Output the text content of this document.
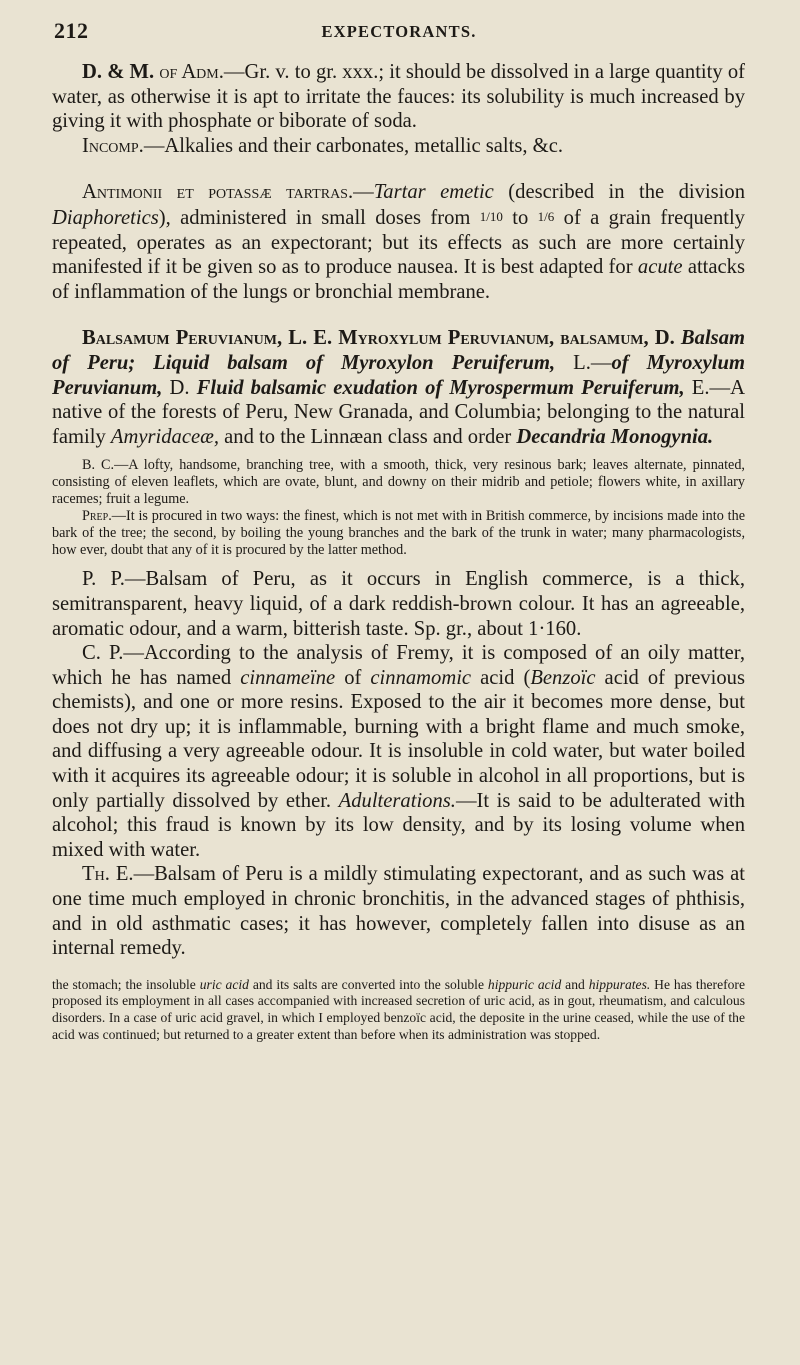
212	EXPECTORANTS.

D. & M. of Adm.—Gr. v. to gr. xxx.; it should be dissolved in a large quantity of water, as otherwise it is apt to irritate the fauces: its solubility is much increased by giving it with phosphate or biborate of soda.

Incomp.—Alkalies and their carbonates, metallic salts, &c.

Antimonii et potassæ tartras.—Tartar emetic (described in the division Diaphoretics), administered in small doses from 1/10 to 1/6 of a grain frequently repeated, operates as an expectorant; but its effects as such are more certainly manifested if it be given so as to produce nausea. It is best adapted for acute attacks of inflammation of the lungs or bronchial membrane.

Balsamum Peruvianum, L. E. Myroxylum Peruvianum, balsamum, D. Balsam of Peru; Liquid balsam of Myroxylon Peruiferum, L.—of Myroxylum Peruvianum, D. Fluid balsamic exudation of Myrospermum Peruiferum, E.—A native of the forests of Peru, New Granada, and Columbia; belonging to the natural family Amyridaceæ, and to the Linnæan class and order Decandria Monogynia.

B. C.—A lofty, handsome, branching tree, with a smooth, thick, very resinous bark; leaves alternate, pinnated, consisting of eleven leaflets, which are ovate, blunt, and downy on their midrib and petiole; flowers white, in axillary racemes; fruit a legume.

Prep.—It is procured in two ways: the finest, which is not met with in British commerce, by incisions made into the bark of the tree; the second, by boiling the young branches and the bark of the trunk in water; many pharmacologists, how ever, doubt that any of it is procured by the latter method.

P. P.—Balsam of Peru, as it occurs in English commerce, is a thick, semitransparent, heavy liquid, of a dark reddish-brown colour. It has an agreeable, aromatic odour, and a warm, bitterish taste. Sp. gr., about 1·160.

C. P.—According to the analysis of Fremy, it is composed of an oily matter, which he has named cinnameïne of cinnamomic acid (Benzoïc acid of previous chemists), and one or more resins. Exposed to the air it becomes more dense, but does not dry up; it is inflammable, burning with a bright flame and much smoke, and diffusing a very agreeable odour. It is insoluble in cold water, but water boiled with it acquires its agreeable odour; it is soluble in alcohol in all proportions, but is only partially dissolved by ether. Adulterations.—It is said to be adulterated with alcohol; this fraud is known by its low density, and by its losing volume when mixed with water.

Th. E.—Balsam of Peru is a mildly stimulating expectorant, and as such was at one time much employed in chronic bronchitis, in the advanced stages of phthisis, and in old asthmatic cases; it has however, completely fallen into disuse as an internal remedy.

the stomach; the insoluble uric acid and its salts are converted into the soluble hippuric acid and hippurates. He has therefore proposed its employment in all cases accompanied with increased secretion of uric acid, as in gout, rheumatism, and calculous disorders. In a case of uric acid gravel, in which I employed benzoïc acid, the deposite in the urine ceased, while the use of the acid was continued; but returned to a greater extent than before when its administration was stopped.
